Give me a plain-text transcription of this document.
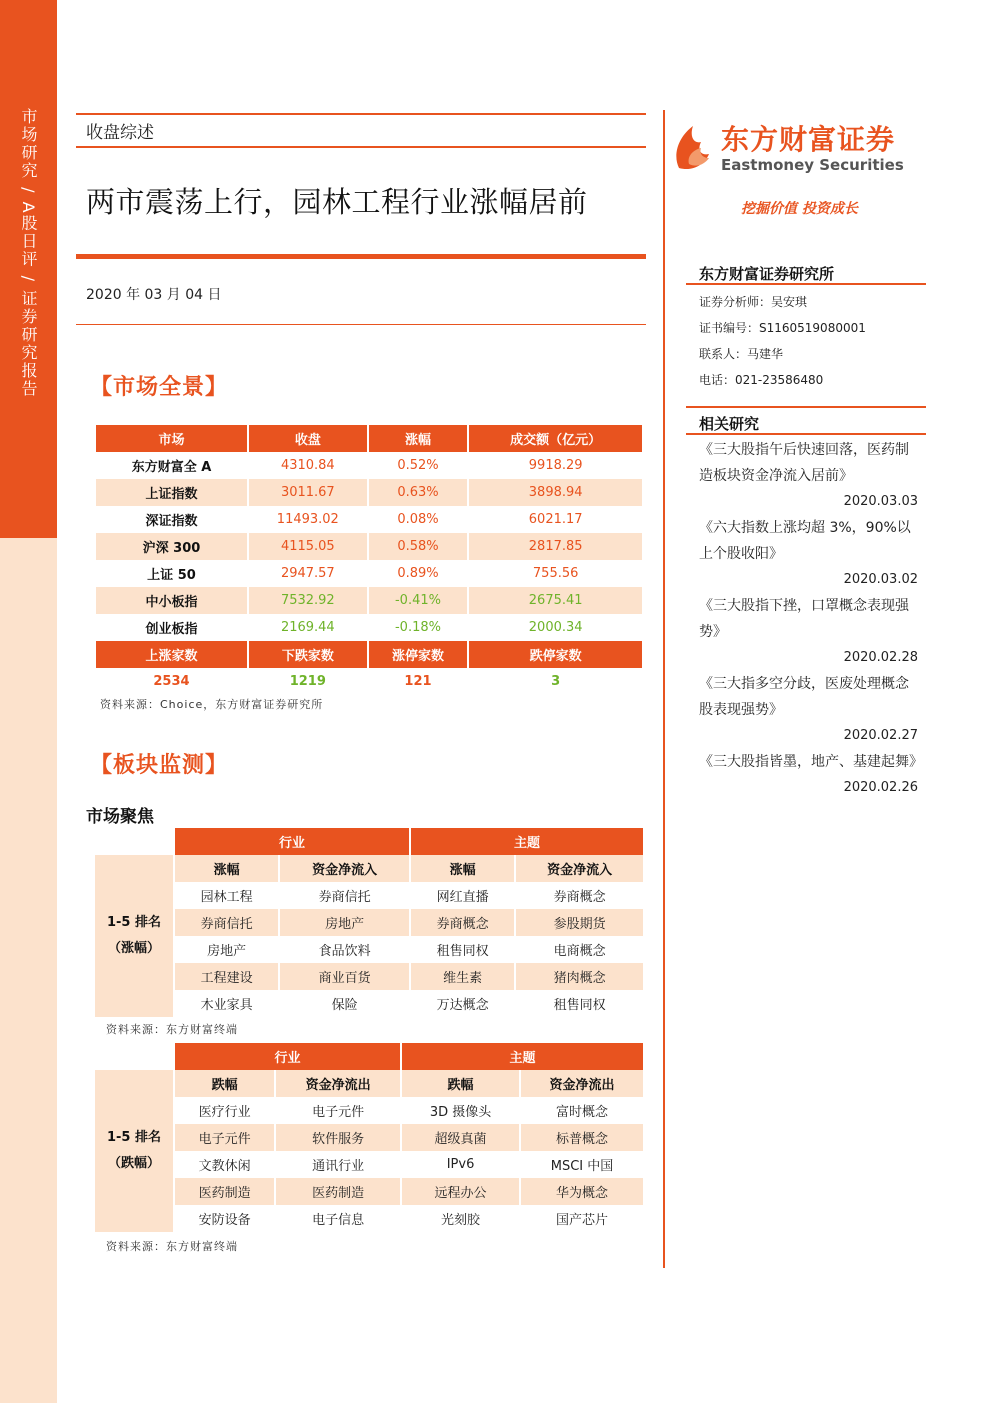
市场研究 / A股日评 / 证券研究报告	收盘综述
两市震荡上行，园林工程行业涨幅居前
2020 年 03 月 04 日
东方财富证券
Eastmoney Securities
挖掘价值 投资成长
东方财富证券研究所
证券分析师：吴安琪
证书编号：S1160519080001
联系人：马建华
电话：021-23586480
相关研究
《三大股指午后快速回落，医药制造板块资金净流入居前》
2020.03.03
《六大指数上涨均超 3%，90%以上个股收阳》
2020.03.02
《三大股指下挫，口罩概念表现强势》
2020.02.28
《三大指多空分歧，医废处理概念股表现强势》
2020.02.27
《三大股指皆墨，地产、基建起舞》
2020.02.26
【市场全景】
市场	收盘	涨幅	成交额（亿元）
东方财富全 A	4310.84	0.52%	9918.29
上证指数	3011.67	0.63%	3898.94
深证指数	11493.02	0.08%	6021.17
沪深 300	4115.05	0.58%	2817.85
上证 50	2947.57	0.89%	755.56
中小板指	7532.92	-0.41%	2675.41
创业板指	2169.44	-0.18%	2000.34
上涨家数	下跌家数	涨停家数	跌停家数
2534	1219	121	3
资料来源：Choice，东方财富证券研究所
【板块监测】
市场聚焦
	行业		主题	
1-5 排名
（涨幅）	涨幅	资金净流入	涨幅	资金净流入
	园林工程	券商信托	网红直播	券商概念
	券商信托	房地产	券商概念	参股期货
	房地产	食品饮料	租售同权	电商概念
	工程建设	商业百货	维生素	猪肉概念
	木业家具	保险	万达概念	租售同权
资料来源：东方财富终端
	行业		主题	
1-5 排名
（跌幅）	跌幅	资金净流出	跌幅	资金净流出
	医疗行业	电子元件	3D 摄像头	富时概念
	电子元件	软件服务	超级真菌	标普概念
	文教休闲	通讯行业	IPv6	MSCI 中国
	医药制造	医药制造	远程办公	华为概念
	安防设备	电子信息	光刻胶	国产芯片
资料来源：东方财富终端
